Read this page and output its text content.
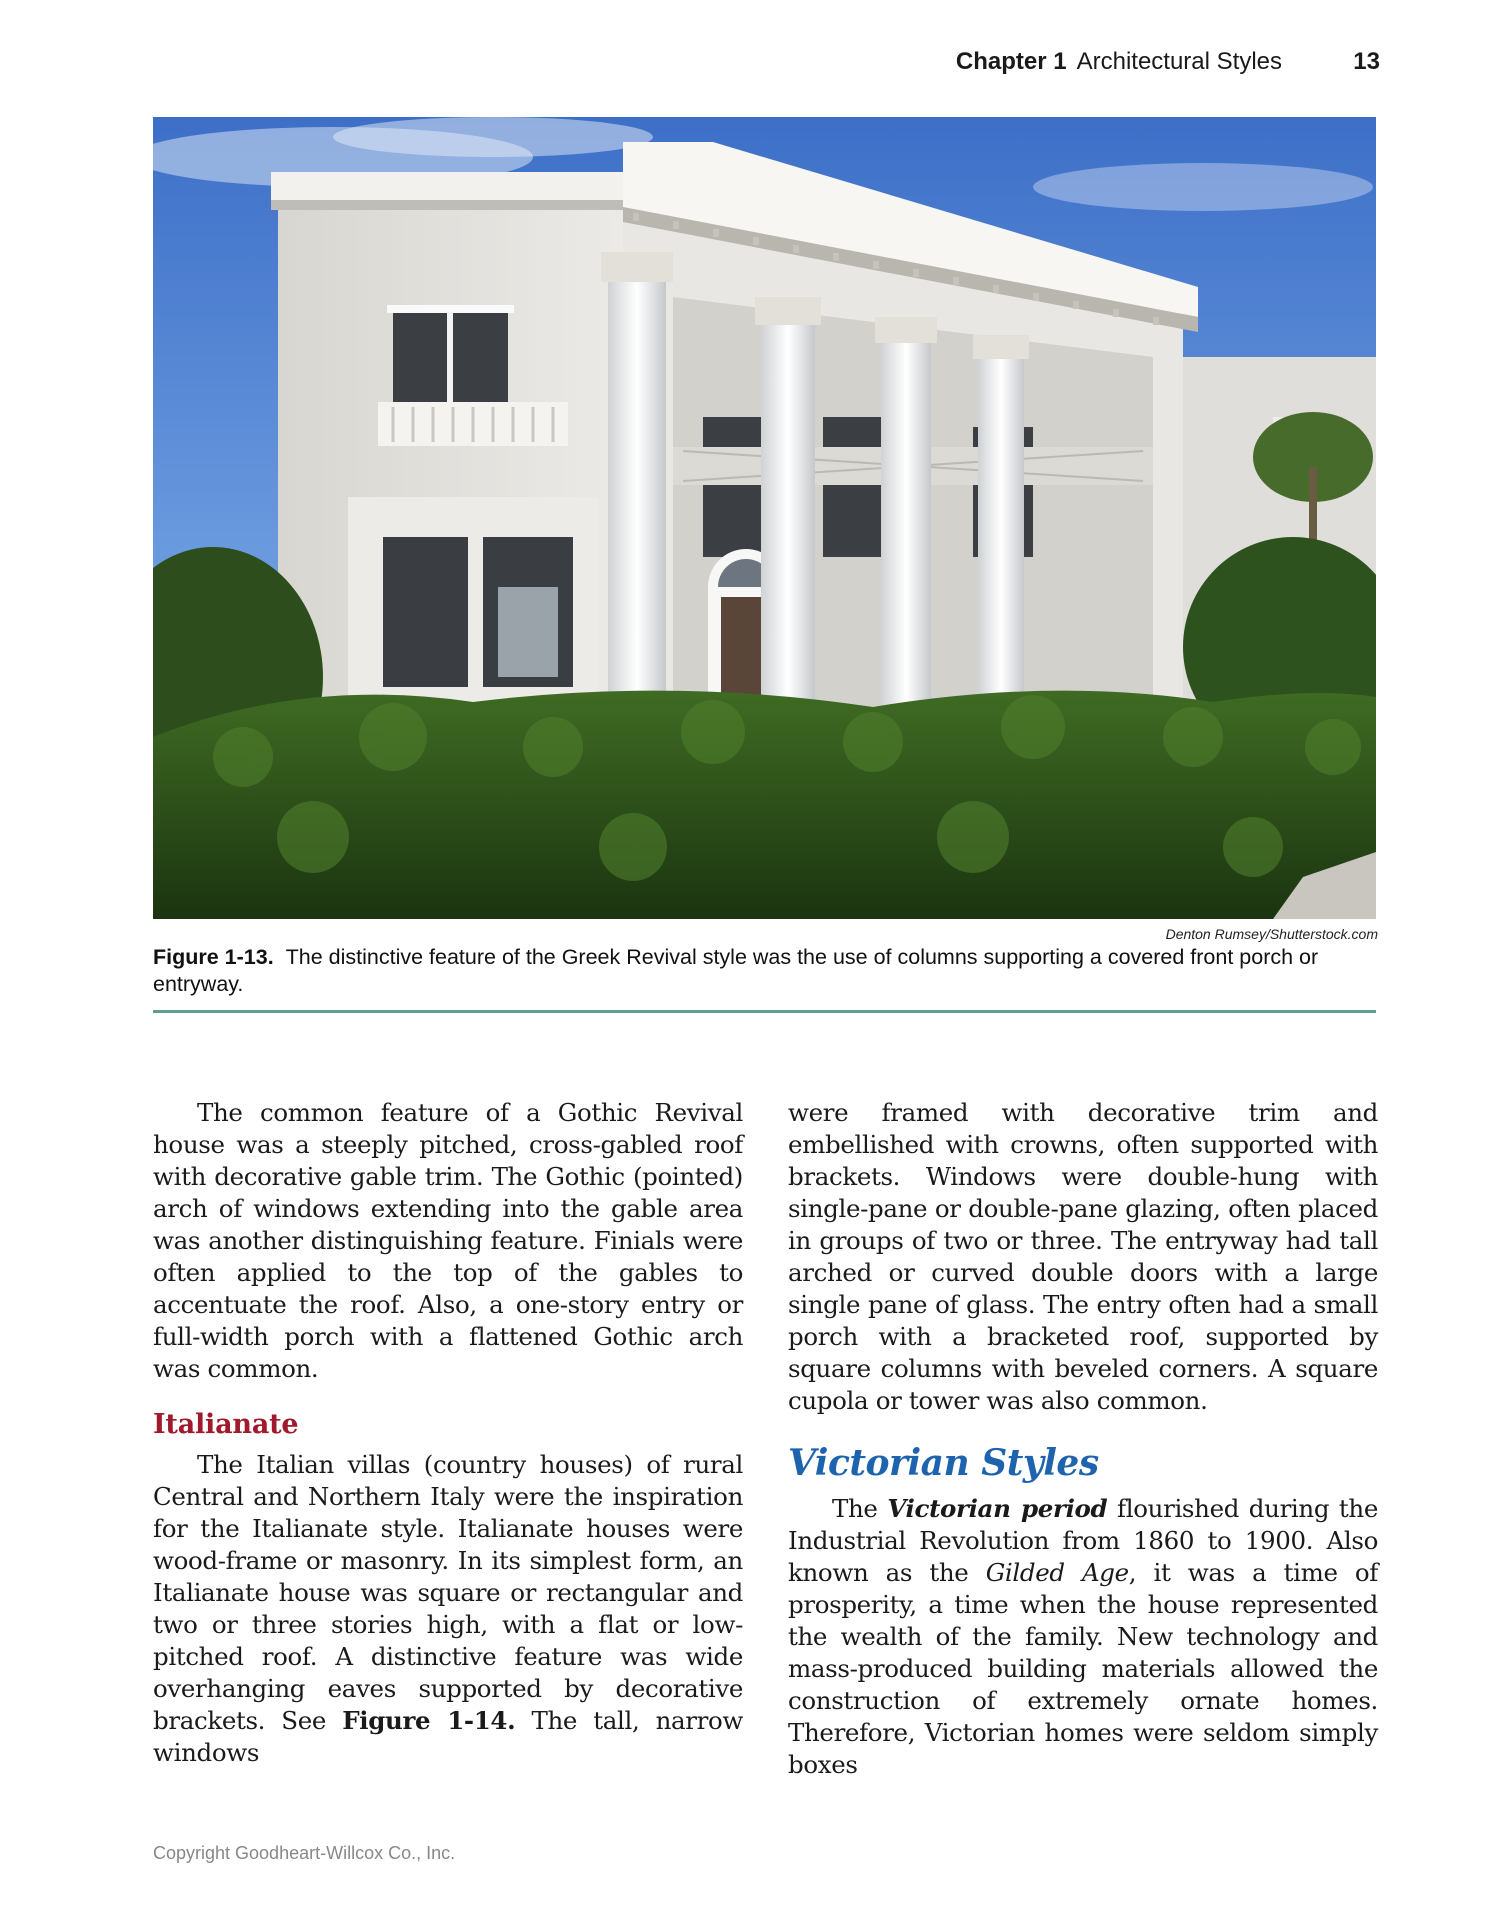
Chapter 1 Architectural Styles	13
Denton Rumsey/Shutterstock.com
Figure 1-13. The distinctive feature of the Greek Revival style was the use of columns supporting a covered front porch or entryway.

The common feature of a Gothic Revival house was a steeply pitched, cross-gabled roof with decorative gable trim. The Gothic (pointed) arch of windows extending into the gable area was another distinguishing feature. Finials were often applied to the top of the gables to accentuate the roof. Also, a one-story entry or full-width porch with a flattened Gothic arch was common.

Italianate

The Italian villas (country houses) of rural Central and Northern Italy were the inspiration for the Italianate style. Italianate houses were wood-frame or masonry. In its simplest form, an Italianate house was square or rectangular and two or three stories high, with a flat or low-pitched roof. A distinctive feature was wide overhanging eaves supported by decorative brackets. See Figure 1-14. The tall, narrow windows

were framed with decorative trim and embellished with crowns, often supported with brackets. Windows were double-hung with single-pane or double-pane glazing, often placed in groups of two or three. The entryway had tall arched or curved double doors with a large single pane of glass. The entry often had a small porch with a bracketed roof, supported by square columns with beveled corners. A square cupola or tower was also common.

Victorian Styles

The Victorian period flourished during the Industrial Revolution from 1860 to 1900. Also known as the Gilded Age, it was a time of prosperity, a time when the house represented the wealth of the family. New technology and mass-produced building materials allowed the construction of extremely ornate homes. Therefore, Victorian homes were seldom simply boxes

Copyright Goodheart-Willcox Co., Inc.
